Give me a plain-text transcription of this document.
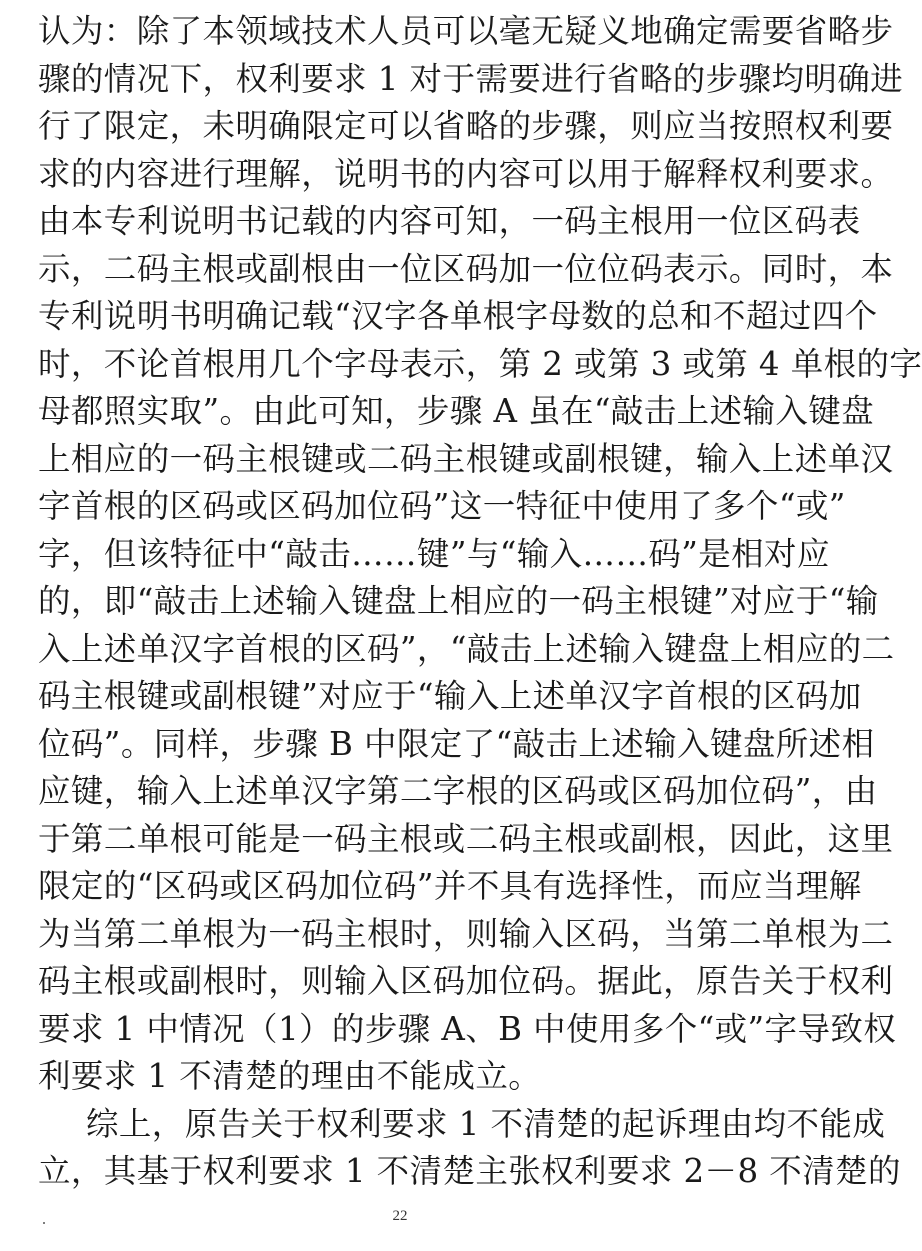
认为：除了本领域技术人员可以毫无疑义地确定需要省略步
骤的情况下，权利要求 1 对于需要进行省略的步骤均明确进
行了限定，未明确限定可以省略的步骤，则应当按照权利要
求的内容进行理解，说明书的内容可以用于解释权利要求。
由本专利说明书记载的内容可知，一码主根用一位区码表
示，二码主根或副根由一位区码加一位位码表示。同时，本
专利说明书明确记载“汉字各单根字母数的总和不超过四个
时，不论首根用几个字母表示，第 2 或第 3 或第 4 单根的字
母都照实取”。由此可知，步骤 A 虽在“敲击上述输入键盘
上相应的一码主根键或二码主根键或副根键，输入上述单汉
字首根的区码或区码加位码”这一特征中使用了多个“或”
字，但该特征中“敲击……键”与“输入……码”是相对应
的，即“敲击上述输入键盘上相应的一码主根键”对应于“输
入上述单汉字首根的区码”，“敲击上述输入键盘上相应的二
码主根键或副根键”对应于“输入上述单汉字首根的区码加
位码”。同样，步骤 B 中限定了“敲击上述输入键盘所述相
应键，输入上述单汉字第二字根的区码或区码加位码”，由
于第二单根可能是一码主根或二码主根或副根，因此，这里
限定的“区码或区码加位码”并不具有选择性，而应当理解
为当第二单根为一码主根时，则输入区码，当第二单根为二
码主根或副根时，则输入区码加位码。据此，原告关于权利
要求 1 中情况（1）的步骤 A、B 中使用多个“或”字导致权
利要求 1 不清楚的理由不能成立。
综上，原告关于权利要求 1 不清楚的起诉理由均不能成
立，其基于权利要求 1 不清楚主张权利要求 2－8 不清楚的
22
